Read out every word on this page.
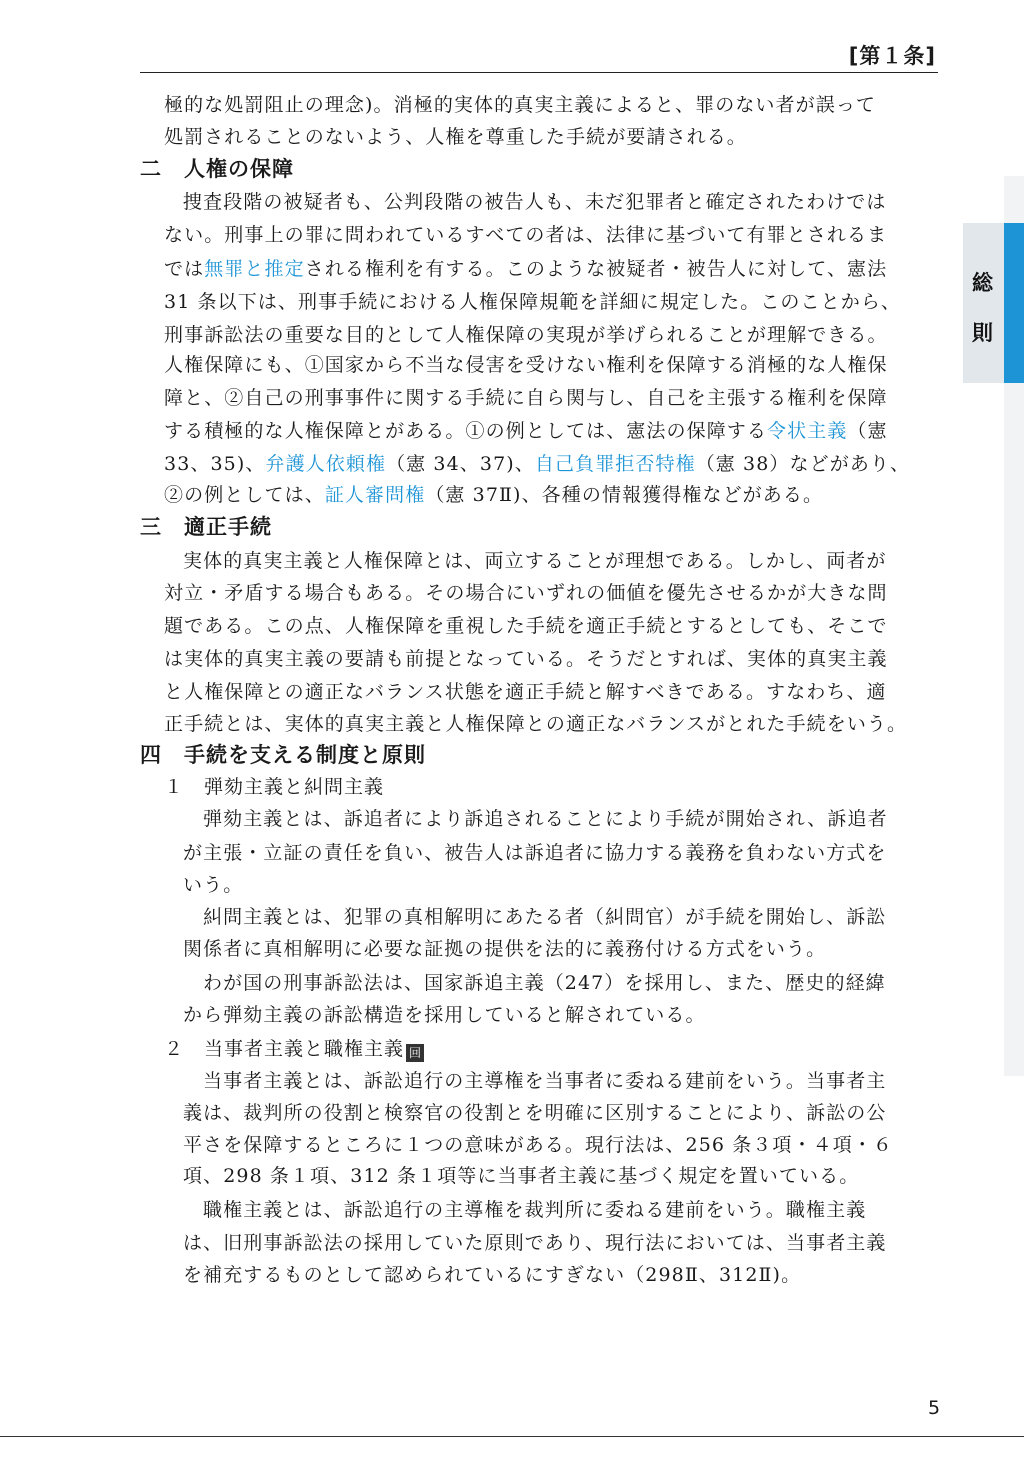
[第１条]
総
則
極的な処罰阻止の理念)。消極的実体的真実主義によると、罪のない者が誤って
処罰されることのないよう、人権を尊重した手続が要請される。
二　人権の保障
捜査段階の被疑者も、公判段階の被告人も、未だ犯罪者と確定されたわけでは
ない。刑事上の罪に問われているすべての者は、法律に基づいて有罪とされるま
では無罪と推定される権利を有する。このような被疑者・被告人に対して、憲法
31 条以下は、刑事手続における人権保障規範を詳細に規定した。このことから、
刑事訴訟法の重要な目的として人権保障の実現が挙げられることが理解できる。
人権保障にも、①国家から不当な侵害を受けない権利を保障する消極的な人権保
障と、②自己の刑事事件に関する手続に自ら関与し、自己を主張する権利を保障
する積極的な人権保障とがある。①の例としては、憲法の保障する令状主義（憲
33、35)、弁護人依頼権（憲 34、37)、自己負罪拒否特権（憲 38）などがあり、
②の例としては、証人審問権（憲 37Ⅱ)、各種の情報獲得権などがある。
三　適正手続
実体的真実主義と人権保障とは、両立することが理想である。しかし、両者が
対立・矛盾する場合もある。その場合にいずれの価値を優先させるかが大きな問
題である。この点、人権保障を重視した手続を適正手続とするとしても、そこで
は実体的真実主義の要請も前提となっている。そうだとすれば、実体的真実主義
と人権保障との適正なバランス状態を適正手続と解すべきである。すなわち、適
正手続とは、実体的真実主義と人権保障との適正なバランスがとれた手続をいう。
四　手続を支える制度と原則
１　弾劾主義と糾問主義
弾劾主義とは、訴追者により訴追されることにより手続が開始され、訴追者
が主張・立証の責任を負い、被告人は訴追者に協力する義務を負わない方式を
いう。
糾問主義とは、犯罪の真相解明にあたる者（糾問官）が手続を開始し、訴訟
関係者に真相解明に必要な証拠の提供を法的に義務付ける方式をいう。
わが国の刑事訴訟法は、国家訴追主義（247）を採用し、また、歴史的経緯
から弾劾主義の訴訟構造を採用していると解されている。
２　当事者主義と職権主義 回
当事者主義とは、訴訟追行の主導権を当事者に委ねる建前をいう。当事者主
義は、裁判所の役割と検察官の役割とを明確に区別することにより、訴訟の公
平さを保障するところに１つの意味がある。現行法は、256 条３項・４項・６
項、298 条１項、312 条１項等に当事者主義に基づく規定を置いている。
職権主義とは、訴訟追行の主導権を裁判所に委ねる建前をいう。職権主義
は、旧刑事訴訟法の採用していた原則であり、現行法においては、当事者主義
を補充するものとして認められているにすぎない（298Ⅱ、312Ⅱ)。
5
